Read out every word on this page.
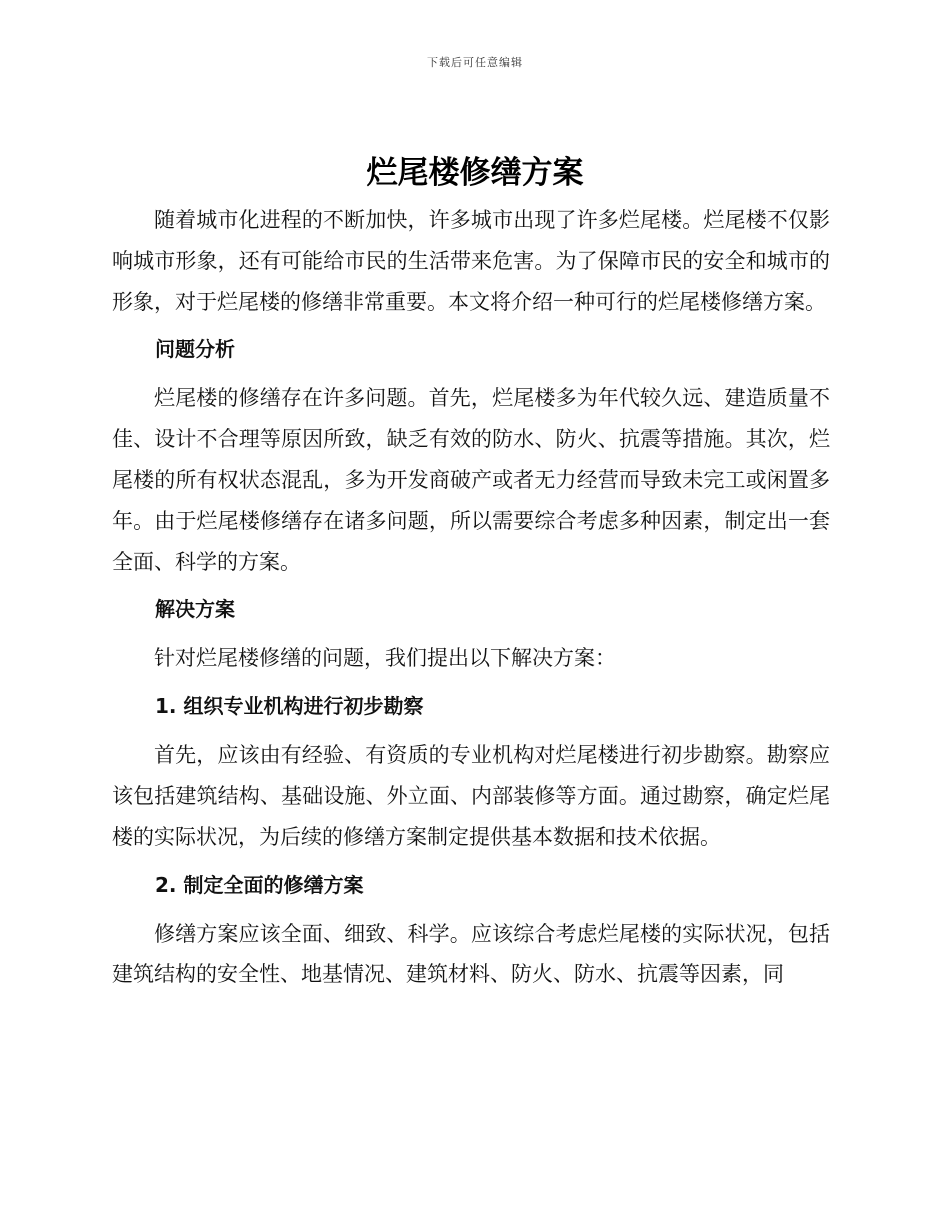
下载后可任意编辑
烂尾楼修缮方案

随着城市化进程的不断加快，许多城市出现了许多烂尾楼。烂尾楼不仅影响城市形象，还有可能给市民的生活带来危害。为了保障市民的安全和城市的形象，对于烂尾楼的修缮非常重要。本文将介绍一种可行的烂尾楼修缮方案。

问题分析

烂尾楼的修缮存在许多问题。首先，烂尾楼多为年代较久远、建造质量不佳、设计不合理等原因所致，缺乏有效的防水、防火、抗震等措施。其次，烂尾楼的所有权状态混乱，多为开发商破产或者无力经营而导致未完工或闲置多年。由于烂尾楼修缮存在诸多问题，所以需要综合考虑多种因素，制定出一套全面、科学的方案。

解决方案

针对烂尾楼修缮的问题，我们提出以下解决方案：

1. 组织专业机构进行初步勘察

首先，应该由有经验、有资质的专业机构对烂尾楼进行初步勘察。勘察应该包括建筑结构、基础设施、外立面、内部装修等方面。通过勘察，确定烂尾楼的实际状况，为后续的修缮方案制定提供基本数据和技术依据。

2. 制定全面的修缮方案

修缮方案应该全面、细致、科学。应该综合考虑烂尾楼的实际状况，包括建筑结构的安全性、地基情况、建筑材料、防火、防水、抗震等因素，同
